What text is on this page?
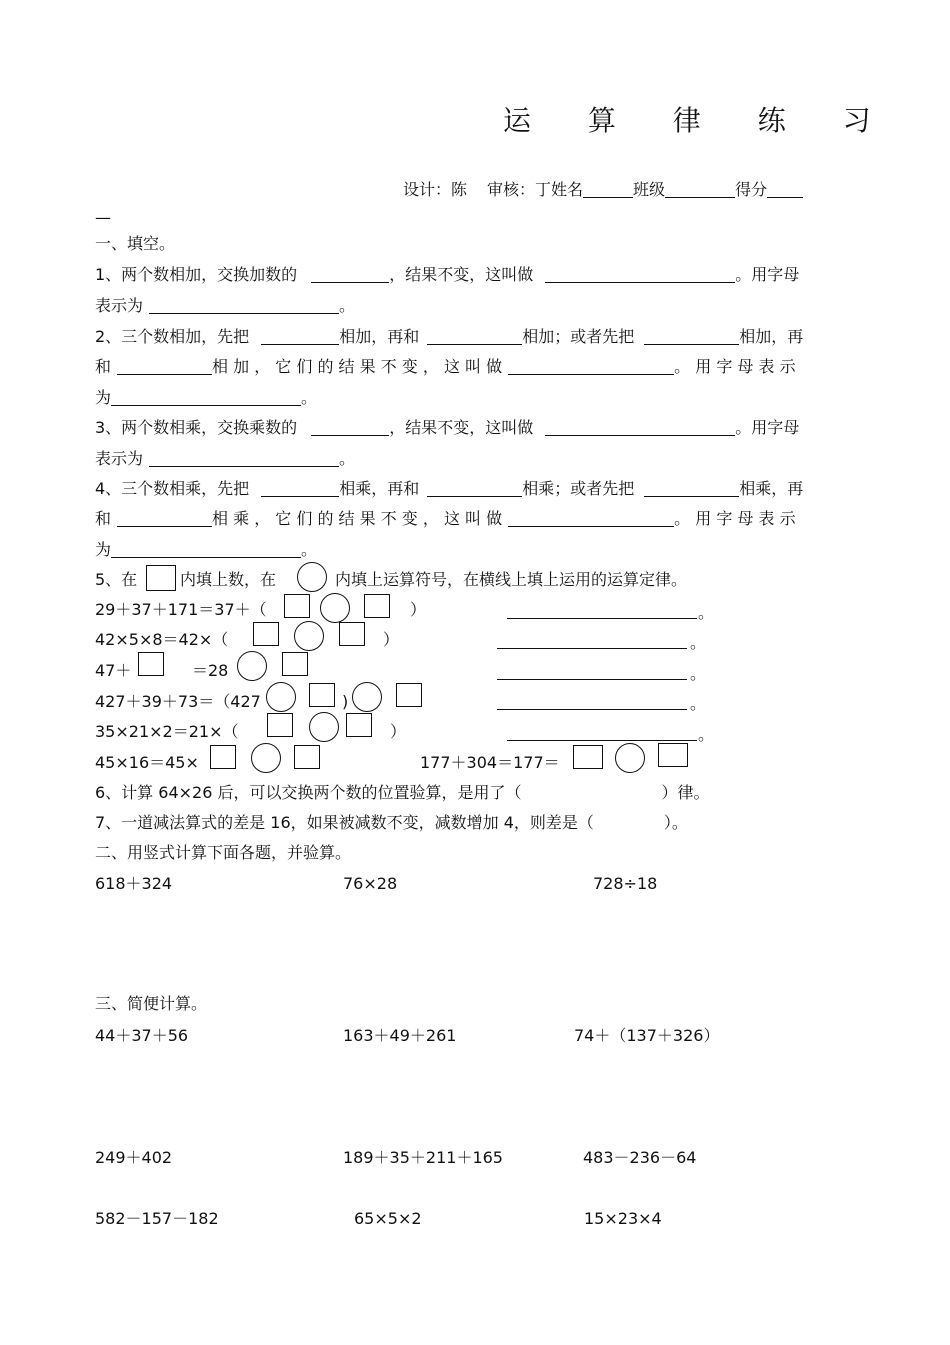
运 算 律 练 习
设计：陈 审核：丁姓名	班级	得分
—
一、填空。
1、两个数相加，交换加数的	，结果不变，这叫做	。用字母
表示为	。
2、三个数相加，先把	相加，再和	相加；或者先把	相加，再
和	相 加 ， 它 们 的 结 果 不 变 ， 这 叫 做	。 用 字 母 表 示
为	。
3、两个数相乘，交换乘数的	，结果不变，这叫做	。用字母
表示为	。
4、三个数相乘，先把	相乘，再和	相乘；或者先把	相乘，再
和	相 乘 ， 它 们 的 结 果 不 变 ， 这 叫 做	。 用 字 母 表 示
为	。
5、在	内填上数，在	内填上运算符号，在横线上填上运用的运算定律。
29＋37＋171＝37＋（	）	。
42×5×8＝42×（	）	。
47＋	＝28	。
427＋39＋73＝（427	)	。
35×21×2＝21×（	）	。
45×16＝45×	177＋304＝177＝
6、计算 64×26 后，可以交换两个数的位置验算，是用了（	）律。
7、一道减法算式的差是 16，如果被减数不变，减数增加 4，则差是（	）。
二、用竖式计算下面各题，并验算。
618＋324	76×28	728÷18
三、简便计算。
44＋37＋56	163＋49＋261	74＋（137＋326）
249＋402	189＋35＋211＋165	483－236－64
582－157－182	65×5×2	15×23×4
